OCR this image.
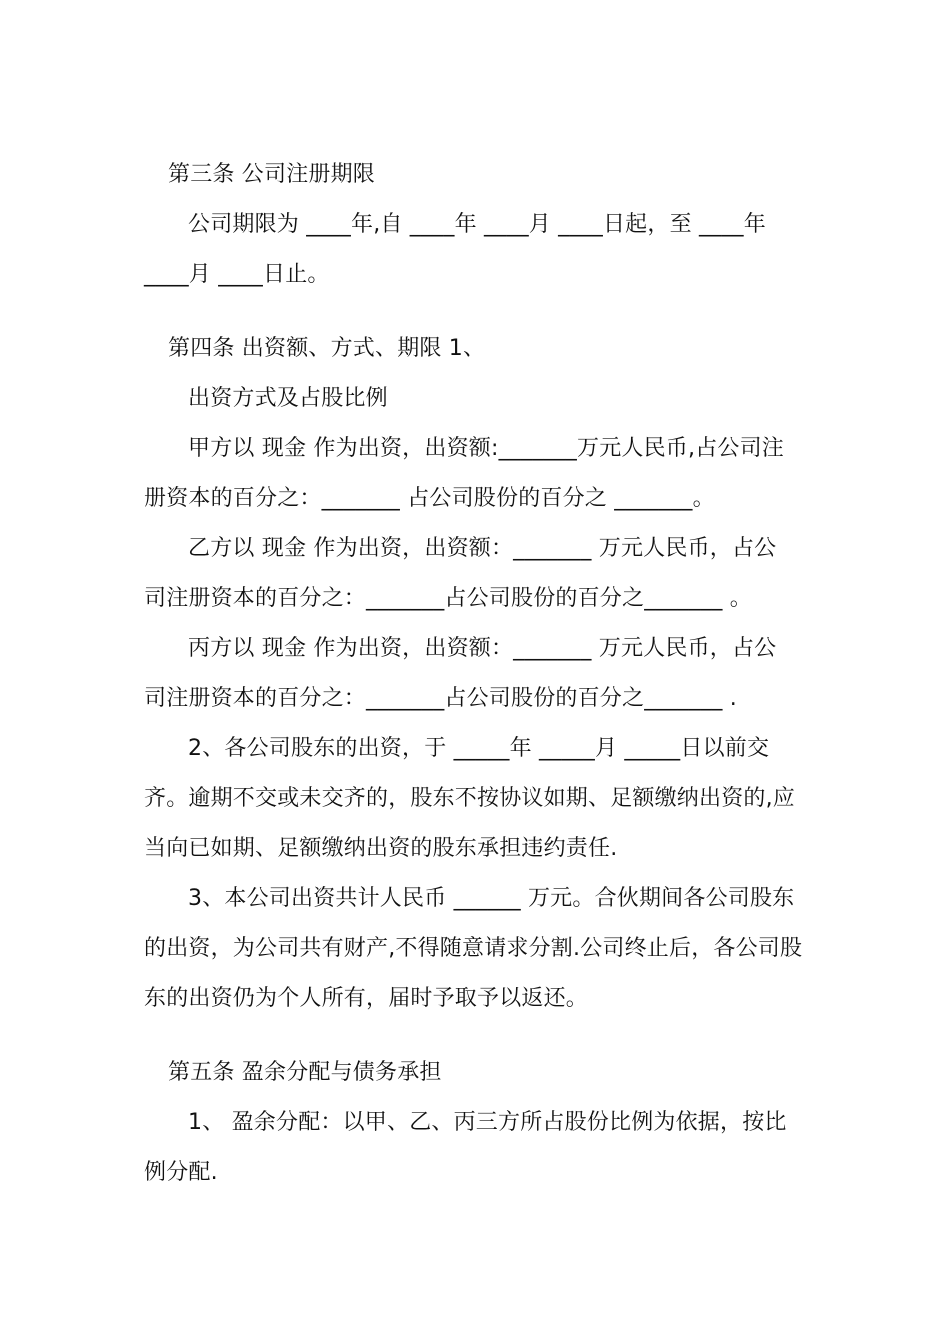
第三条 公司注册期限
公司期限为 ____年,自 ____年 ____月 ____日起，至 ____年
____月 ____日止。
第四条 出资额、方式、期限 1、
出资方式及占股比例
甲方以 现金 作为出资，出资额:_______万元人民币,占公司注
册资本的百分之：_______ 占公司股份的百分之 _______。
乙方以 现金 作为出资，出资额：_______ 万元人民币，占公
司注册资本的百分之：_______占公司股份的百分之_______ 。
丙方以 现金 作为出资，出资额：_______ 万元人民币，占公
司注册资本的百分之：_______占公司股份的百分之_______ .
2、各公司股东的出资，于 _____年 _____月 _____日以前交
齐。逾期不交或未交齐的，股东不按协议如期、足额缴纳出资的,应
当向已如期、足额缴纳出资的股东承担违约责任.
3、本公司出资共计人民币 ______ 万元。合伙期间各公司股东
的出资，为公司共有财产,不得随意请求分割.公司终止后，各公司股
东的出资仍为个人所有，届时予取予以返还。
第五条 盈余分配与债务承担
1、 盈余分配：以甲、乙、丙三方所占股份比例为依据，按比
例分配.
